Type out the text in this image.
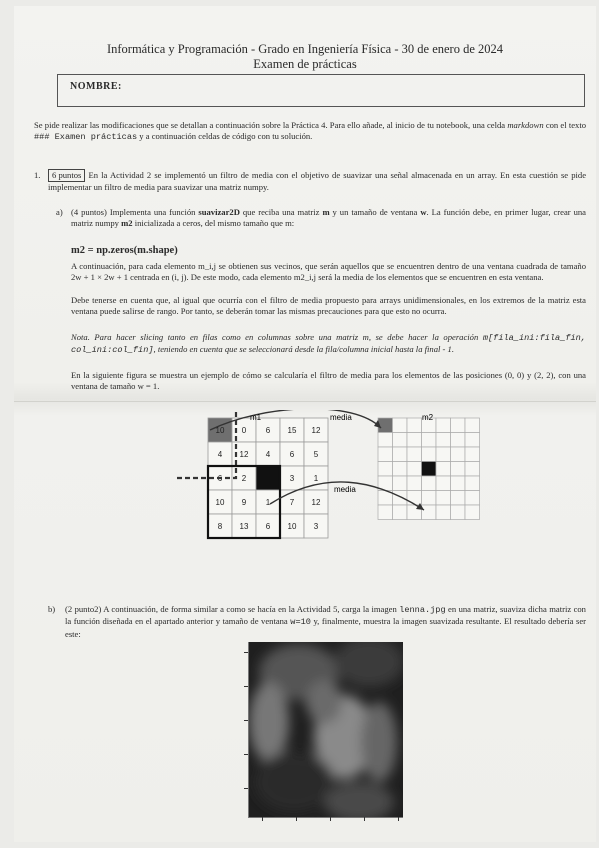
Informática y Programación - Grado en Ingeniería Física - 30 de enero de 2024
Examen de prácticas
NOMBRE:
Se pide realizar las modificaciones que se detallan a continuación sobre la Práctica 4. Para ello añade, al inicio de tu notebook, una celda markdown con el texto ### Examen prácticas y a continuación celdas de código con tu solución.
1.	6 puntos En la Actividad 2 se implementó un filtro de media con el objetivo de suavizar una señal almacenada en un array. En esta cuestión se pide implementar un filtro de media para suavizar una matriz numpy.
a) (4 puntos) Implementa una función suavizar2D que reciba una matriz m y un tamaño de ventana w. La función debe, en primer lugar, crear una matriz numpy m2 inicializada a ceros, del mismo tamaño que m:
m2 = np.zeros(m.shape)
A continuación, para cada elemento m_i,j se obtienen sus vecinos, que serán aquellos que se encuentren dentro de una ventana cuadrada de tamaño 2w + 1 × 2w + 1 centrada en (i, j). De este modo, cada elemento m2_i,j será la media de los elementos que se encuentren en esta ventana.
Debe tenerse en cuenta que, al igual que ocurría con el filtro de media propuesto para arrays unidimensionales, en los extremos de la matriz esta ventana puede salirse de rango. Por tanto, se deberán tomar las mismas precauciones para que esto no ocurra.
Nota. Para hacer slicing tanto en filas como en columnas sobre una matriz m, se debe hacer la operación m[fila_ini:fila_fin, col_ini:col_fin], teniendo en cuenta que se seleccionará desde la fila/columna inicial hasta la final - 1.
En la siguiente figura se muestra un ejemplo de cómo se calcularía el filtro de media para los elementos de las posiciones (0, 0) y (2, 2), con una ventana de tamaño w = 1.
10 0 6 15 12
4 12 4 6 5
6 2	3 1
10 9 1 7 12
8 13 6 10 3
m1	m2
media
media
b)	(2 punto2) A continuación, de forma similar a como se hacía en la Actividad 5, carga la imagen lenna.jpg en una matriz, suaviza dicha matriz con la función diseñada en el apartado anterior y tamaño de ventana w=10 y, finalmente, muestra la imagen suavizada resultante. El resultado debería ser este:
